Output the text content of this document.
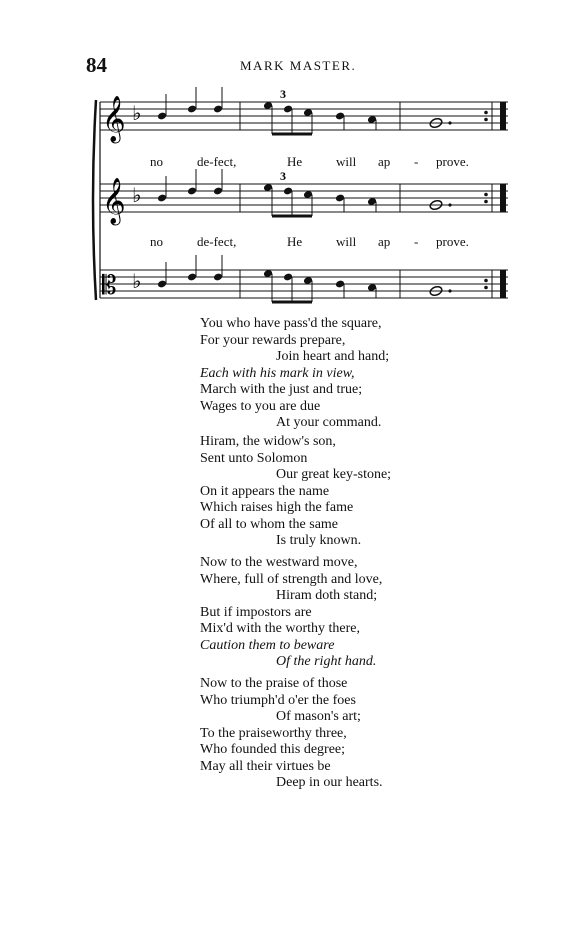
84	MARK MASTER.
𝄞 ♭
𝄞 ♭
𝄡 ♭
3
3
no	de-fect,	He	will ap - prove.
no	de-fect,	He	will ap - prove.
You who have pass'd the square,
For your rewards prepare,
Join heart and hand;
Each with his mark in view,
March with the just and true;
Wages to you are due
At your command.
Hiram, the widow's son,
Sent unto Solomon
Our great key-stone;
On it appears the name
Which raises high the fame
Of all to whom the same
Is truly known.
Now to the westward move,
Where, full of strength and love,
Hiram doth stand;
But if impostors are
Mix'd with the worthy there,
Caution them to beware
Of the right hand.
Now to the praise of those
Who triumph'd o'er the foes
Of mason's art;
To the praiseworthy three,
Who founded this degree;
May all their virtues be
Deep in our hearts.
